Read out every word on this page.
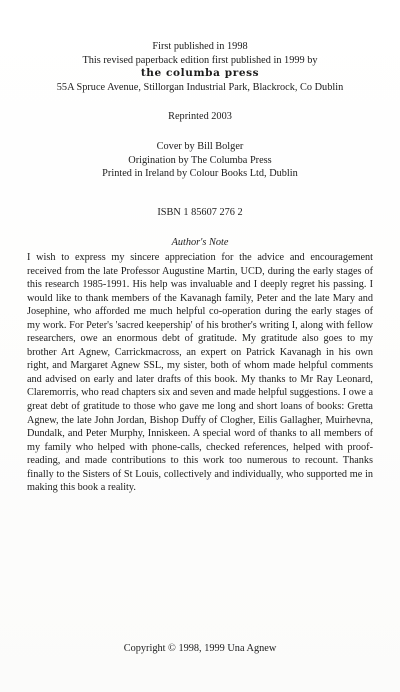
First published in 1998
This revised paperback edition first published in 1999 by
the columba press
55A Spruce Avenue, Stillorgan Industrial Park, Blackrock, Co Dublin
Reprinted 2003
Cover by Bill Bolger
Origination by The Columba Press
Printed in Ireland by Colour Books Ltd, Dublin
ISBN 1 85607 276 2
Author's Note
I wish to express my sincere appreciation for the advice and encouragement received from the late Professor Augustine Martin, UCD, during the early stages of this research 1985-1991. His help was invaluable and I deeply regret his passing. I would like to thank members of the Kavanagh family, Peter and the late Mary and Josephine, who afforded me much helpful co-operation during the early stages of my work. For Peter's 'sacred keepership' of his brother's writing I, along with fellow researchers, owe an enormous debt of gratitude. My gratitude also goes to my brother Art Agnew, Carrickmacross, an expert on Patrick Kavanagh in his own right, and Margaret Agnew SSL, my sister, both of whom made helpful comments and advised on early and later drafts of this book. My thanks to Mr Ray Leonard, Claremorris, who read chapters six and seven and made helpful suggestions. I owe a great debt of gratitude to those who gave me long and short loans of books: Gretta Agnew, the late John Jordan, Bishop Duffy of Clogher, Eilis Gallagher, Muirhevna, Dundalk, and Peter Murphy, Inniskeen. A special word of thanks to all members of my family who helped with phone-calls, checked references, helped with proof-reading, and made contributions to this work too numerous to recount. Thanks finally to the Sisters of St Louis, collectively and individually, who supported me in making this book a reality.
Copyright © 1998, 1999 Una Agnew
